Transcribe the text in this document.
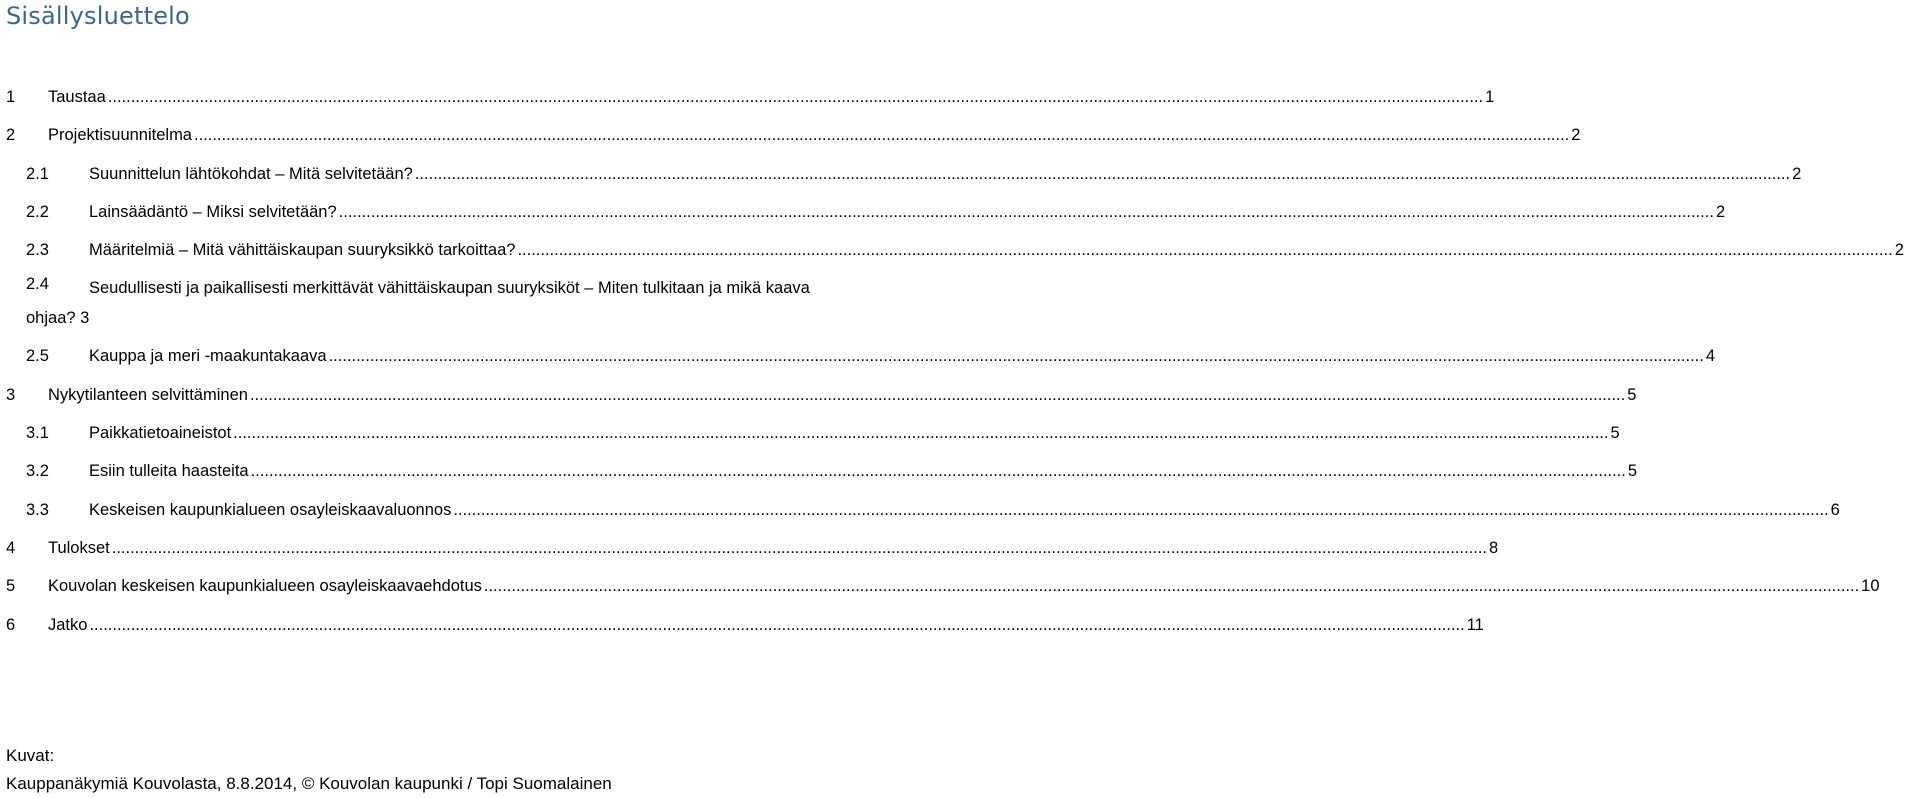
Sisällysluettelo
1 Taustaa ............................................................................................................................................................................................................................................................................................................ 1
2 Projektisuunnitelma ............................................................................................................................................................................................................................................................................................................ 2
2.1 Suunnittelun lähtökohdat – Mitä selvitetään? ............................................................................................................................................................................................................................................................................................................ 2
2.2 Lainsäädäntö – Miksi selvitetään? ............................................................................................................................................................................................................................................................................................................ 2
2.3 Määritelmiä – Mitä vähittäiskaupan suuryksikkö tarkoittaa? ............................................................................................................................................................................................................................................................................................................ 2
2.4	Seudullisesti ja paikallisesti merkittävät vähittäiskaupan suuryksiköt – Miten tulkitaan ja mikä kaava
ohjaa? 3
2.5 Kauppa ja meri -maakuntakaava ............................................................................................................................................................................................................................................................................................................ 4
3 Nykytilanteen selvittäminen ............................................................................................................................................................................................................................................................................................................ 5
3.1 Paikkatietoaineistot ............................................................................................................................................................................................................................................................................................................ 5
3.2 Esiin tulleita haasteita ............................................................................................................................................................................................................................................................................................................ 5
3.3 Keskeisen kaupunkialueen osayleiskaavaluonnos ............................................................................................................................................................................................................................................................................................................ 6
4 Tulokset ............................................................................................................................................................................................................................................................................................................ 8
5 Kouvolan keskeisen kaupunkialueen osayleiskaavaehdotus ............................................................................................................................................................................................................................................................................................................ 10
6 Jatko ............................................................................................................................................................................................................................................................................................................ 11
Kuvat:
Kauppanäkymiä Kouvolasta, 8.8.2014, © Kouvolan kaupunki / Topi Suomalainen
